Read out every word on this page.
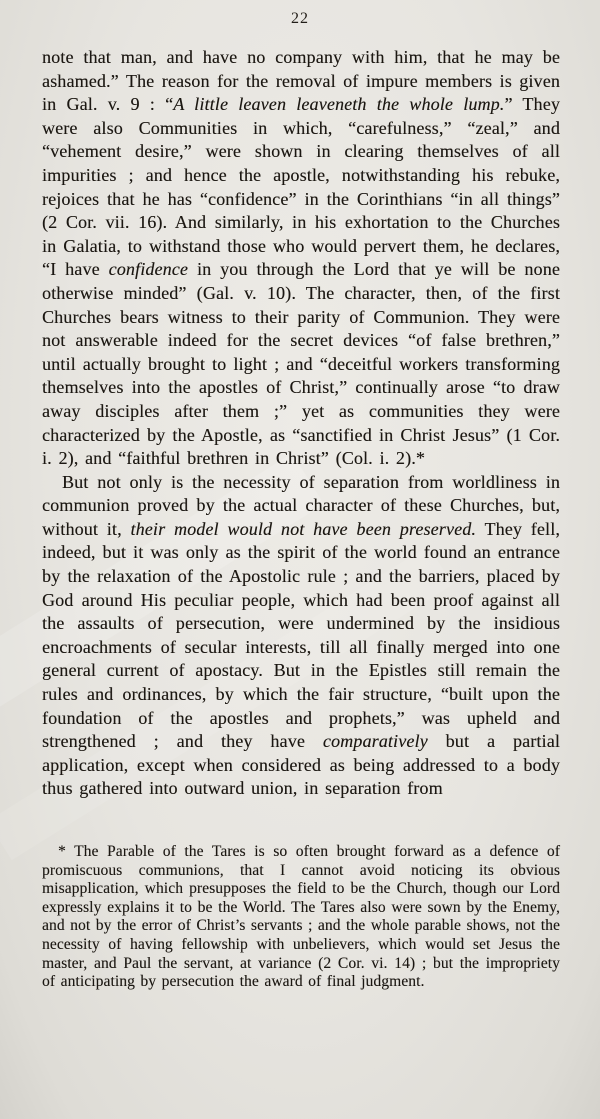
22

note that man, and have no company with him, that he may be ashamed.” The reason for the removal of impure members is given in Gal. v. 9 : “A little leaven leaveneth the whole lump.” They were also Communities in which, “carefulness,” “zeal,” and “vehement desire,” were shown in clearing themselves of all impurities ; and hence the apostle, notwithstanding his rebuke, rejoices that he has “confidence” in the Corinthians “in all things” (2 Cor. vii. 16). And similarly, in his exhortation to the Churches in Galatia, to withstand those who would pervert them, he declares, “I have confidence in you through the Lord that ye will be none otherwise minded” (Gal. v. 10). The character, then, of the first Churches bears witness to their parity of Communion. They were not answerable indeed for the secret devices “of false brethren,” until actually brought to light ; and “deceitful workers transforming themselves into the apostles of Christ,” continually arose “to draw away disciples after them ;” yet as communities they were characterized by the Apostle, as “sanctified in Christ Jesus” (1 Cor. i. 2), and “faithful brethren in Christ” (Col. i. 2).*

But not only is the necessity of separation from worldliness in communion proved by the actual character of these Churches, but, without it, their model would not have been preserved. They fell, indeed, but it was only as the spirit of the world found an entrance by the relaxation of the Apostolic rule ; and the barriers, placed by God around His peculiar people, which had been proof against all the assaults of persecution, were undermined by the insidious encroachments of secular interests, till all finally merged into one general current of apostacy. But in the Epistles still remain the rules and ordinances, by which the fair structure, “built upon the foundation of the apostles and prophets,” was upheld and strengthened ; and they have comparatively but a partial application, except when considered as being addressed to a body thus gathered into outward union, in separation from

* The Parable of the Tares is so often brought forward as a defence of promiscuous communions, that I cannot avoid noticing its obvious misapplication, which presupposes the field to be the Church, though our Lord expressly explains it to be the World. The Tares also were sown by the Enemy, and not by the error of Christ’s servants ; and the whole parable shows, not the necessity of having fellowship with unbelievers, which would set Jesus the master, and Paul the servant, at variance (2 Cor. vi. 14) ; but the impropriety of anticipating by persecution the award of final judgment.
